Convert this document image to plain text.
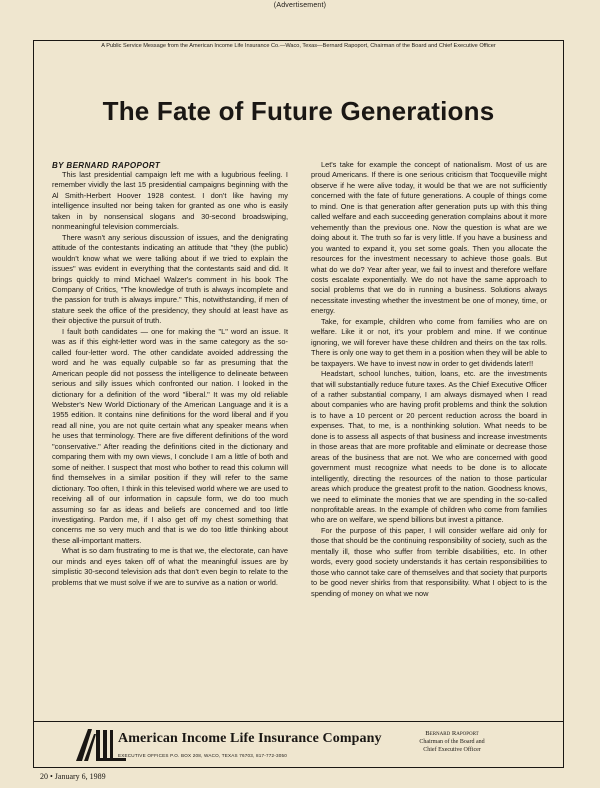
(Advertisement)
A Public Service Message from the American Income Life Insurance Co.—Waco, Texas—Bernard Rapoport, Chairman of the Board and Chief Executive Officer
The Fate of Future Generations
BY BERNARD RAPOPORT

This last presidential campaign left me with a lugubrious feeling. I remember vividly the last 15 presidential campaigns beginning with the Al Smith-Herbert Hoover 1928 contest. I don't like having my intelligence insulted nor being taken for granted as one who is easily taken in by nonsensical slogans and 30-second broadswiping, nonmeaningful television commercials.

There wasn't any serious discussion of issues, and the denigrating attitude of the contestants indicating an attitude that "they (the public) wouldn't know what we were talking about if we tried to explain the issues" was evident in everything that the contestants said and did. It brings quickly to mind Michael Walzer's comment in his book The Company of Critics, "The knowledge of truth is always incomplete and the passion for truth is always impure." This, notwithstanding, if men of stature seek the office of the presidency, they should at least have as their objective the pursuit of truth.

I fault both candidates — one for making the "L" word an issue. It was as if this eight-letter word was in the same category as the so-called four-letter word. The other candidate avoided addressing the word and he was equally culpable so far as presuming that the American people did not possess the intelligence to delineate between serious and silly issues which confronted our nation. I looked in the dictionary for a definition of the word "liberal." It was my old reliable Webster's New World Dictionary of the American Language and it is a 1955 edition. It contains nine definitions for the word liberal and if you read all nine, you are not quite certain what any speaker means when he uses that terminology. There are five different definitions of the word "conservative." After reading the definitions cited in the dictionary and comparing them with my own views, I conclude I am a little of both and some of neither. I suspect that most who bother to read this column will find themselves in a similar position if they will refer to the same dictionary. Too often, I think in this televised world where we are used to receiving all of our information in capsule form, we do too much assuming so far as ideas and beliefs are concerned and too little investigating. Pardon me, if I also get off my chest something that concerns me so very much and that is we do too little thinking about these all-important matters.

What is so darn frustrating to me is that we, the electorate, can have our minds and eyes taken off of what the meaningful issues are by simplistic 30-second television ads that don't even begin to relate to the problems that we must solve if we are to survive as a nation or world.

Let's take for example the concept of nationalism. Most of us are proud Americans. If there is one serious criticism that Tocqueville might observe if he were alive today, it would be that we are not sufficiently concerned with the fate of future generations. A couple of things come to mind. One is that generation after generation puts up with this thing called welfare and each succeeding generation complains about it more vehemently than the previous one. Now the question is what are we doing about it. The truth so far is very little. If you have a business and you wanted to expand it, you set some goals. Then you allocate the resources for the investment necessary to achieve those goals. But what do we do? Year after year, we fail to invest and therefore welfare costs escalate exponentially. We do not have the same approach to social problems that we do in running a business. Solutions always necessitate investing whether the investment be one of money, time, or energy.

Take, for example, children who come from families who are on welfare. Like it or not, it's your problem and mine. If we continue ignoring, we will forever have these children and theirs on the tax rolls. There is only one way to get them in a position when they will be able to be taxpayers. We have to invest now in order to get dividends later!!

Headstart, school lunches, tuition, loans, etc. are the investments that will substantially reduce future taxes. As the Chief Executive Officer of a rather substantial company, I am always dismayed when I read about companies who are having profit problems and think the solution is to have a 10 percent or 20 percent reduction across the board in expenses. That, to me, is a nonthinking solution. What needs to be done is to assess all aspects of that business and increase investments in those areas that are more profitable and eliminate or decrease those areas of the business that are not. We who are concerned with good government must recognize what needs to be done is to allocate intelligently, directing the resources of the nation to those particular areas which produce the greatest profit to the nation. Goodness knows, we need to eliminate the monies that we are spending in the so-called nonprofitable areas. In the example of children who come from families who are on welfare, we spend billions but invest a pittance.

For the purpose of this paper, I will consider welfare aid only for those that should be the continuing responsibility of society, such as the mentally ill, those who suffer from terrible disabilities, etc. In other words, every good society understands it has certain responsibilities to those who cannot take care of themselves and that society that purports to be good never shirks from that responsibility. What I object to is the spending of money on what we now

American Income Life Insurance Company
EXECUTIVE OFFICES P.O. BOX 208, WACO, TEXAS 76703, 817-772-3050
Bernard Rapoport
Chairman of the Board and
Chief Executive Officer
20 • January 6, 1989
